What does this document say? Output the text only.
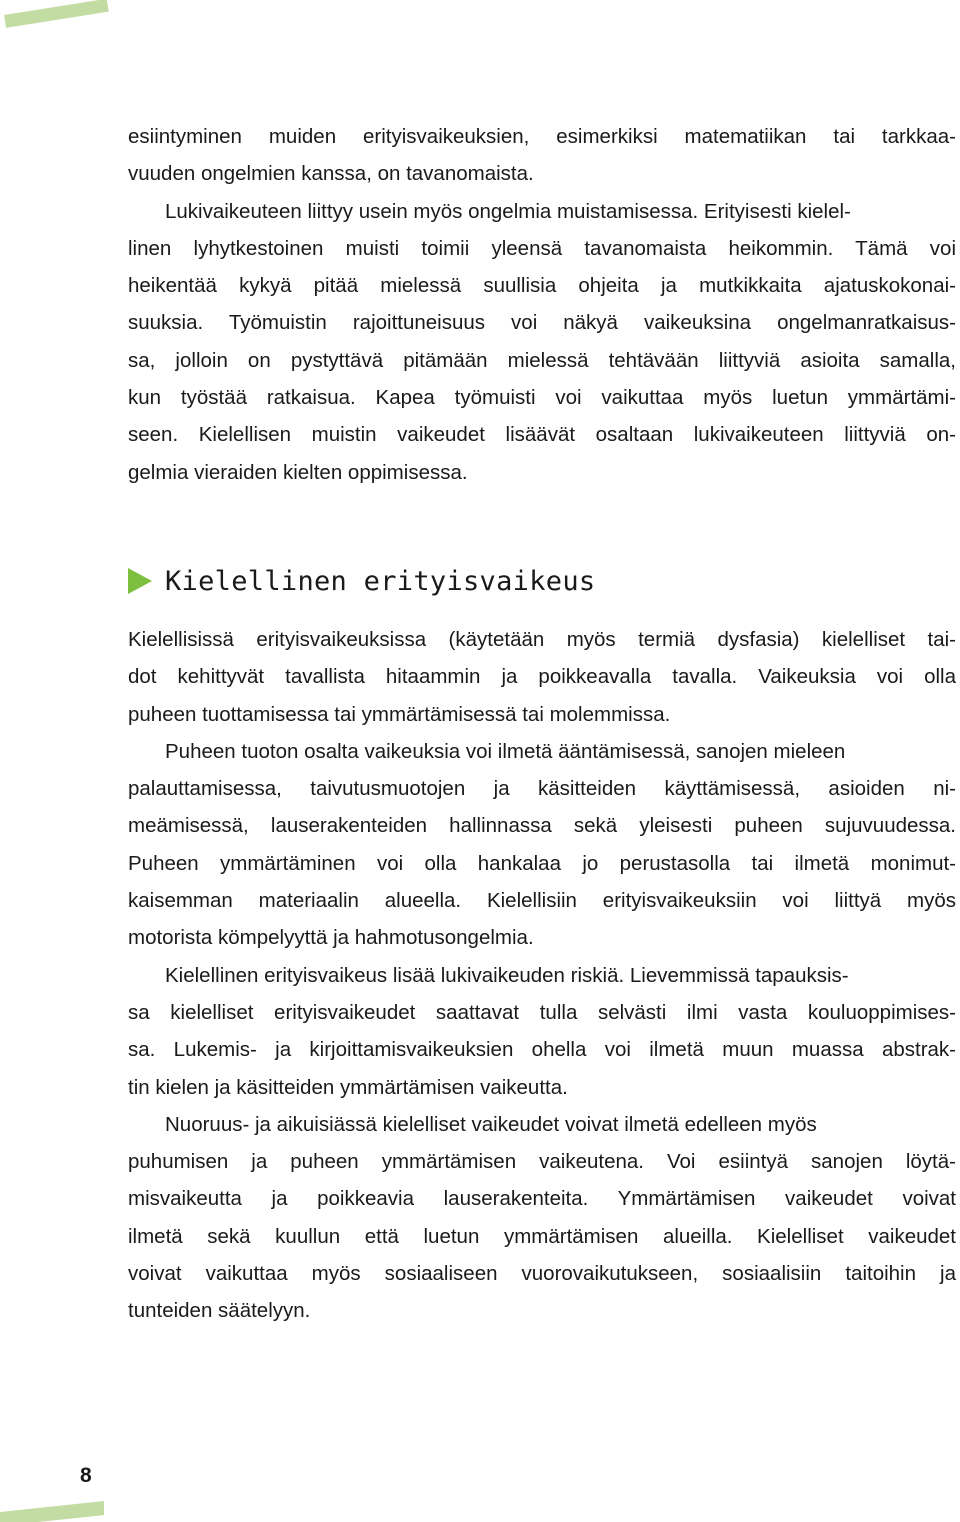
esiintyminen muiden erityisvaikeuksien, esimerkiksi matematiikan tai tarkkaa-
vuuden ongelmien kanssa, on tavanomaista.
Lukivaikeuteen liittyy usein myös ongelmia muistamisessa. Erityisesti kielel-
linen lyhytkestoinen muisti toimii yleensä tavanomaista heikommin. Tämä voi
heikentää kykyä pitää mielessä suullisia ohjeita ja mutkikkaita ajatuskokonai-
suuksia. Työmuistin rajoittuneisuus voi näkyä vaikeuksina ongelmanratkaisus-
sa, jolloin on pystyttävä pitämään mielessä tehtävään liittyviä asioita samalla,
kun työstää ratkaisua. Kapea työmuisti voi vaikuttaa myös luetun ymmärtämi-
seen. Kielellisen muistin vaikeudet lisäävät osaltaan lukivaikeuteen liittyviä on-
gelmia vieraiden kielten oppimisessa.
Kielellinen erityisvaikeus
Kielellisissä erityisvaikeuksissa (käytetään myös termiä dysfasia) kielelliset tai-
dot kehittyvät tavallista hitaammin ja poikkeavalla tavalla. Vaikeuksia voi olla
puheen tuottamisessa tai ymmärtämisessä tai molemmissa.
Puheen tuoton osalta vaikeuksia voi ilmetä ääntämisessä, sanojen mieleen
palauttamisessa, taivutusmuotojen ja käsitteiden käyttämisessä, asioiden ni-
meämisessä, lauserakenteiden hallinnassa sekä yleisesti puheen sujuvuudessa.
Puheen ymmärtäminen voi olla hankalaa jo perustasolla tai ilmetä monimut-
kaisemman materiaalin alueella. Kielellisiin erityisvaikeuksiin voi liittyä myös
motorista kömpelyyttä ja hahmotusongelmia.
Kielellinen erityisvaikeus lisää lukivaikeuden riskiä. Lievemmissä tapauksis-
sa kielelliset erityisvaikeudet saattavat tulla selvästi ilmi vasta kouluoppimises-
sa. Lukemis- ja kirjoittamisvaikeuksien ohella voi ilmetä muun muassa abstrak-
tin kielen ja käsitteiden ymmärtämisen vaikeutta.
Nuoruus- ja aikuisiässä kielelliset vaikeudet voivat ilmetä edelleen myös
puhumisen ja puheen ymmärtämisen vaikeutena. Voi esiintyä sanojen löytä-
misvaikeutta ja poikkeavia lauserakenteita. Ymmärtämisen vaikeudet voivat
ilmetä sekä kuullun että luetun ymmärtämisen alueilla. Kielelliset vaikeudet
voivat vaikuttaa myös sosiaaliseen vuorovaikutukseen, sosiaalisiin taitoihin ja
tunteiden säätelyyn.
8
